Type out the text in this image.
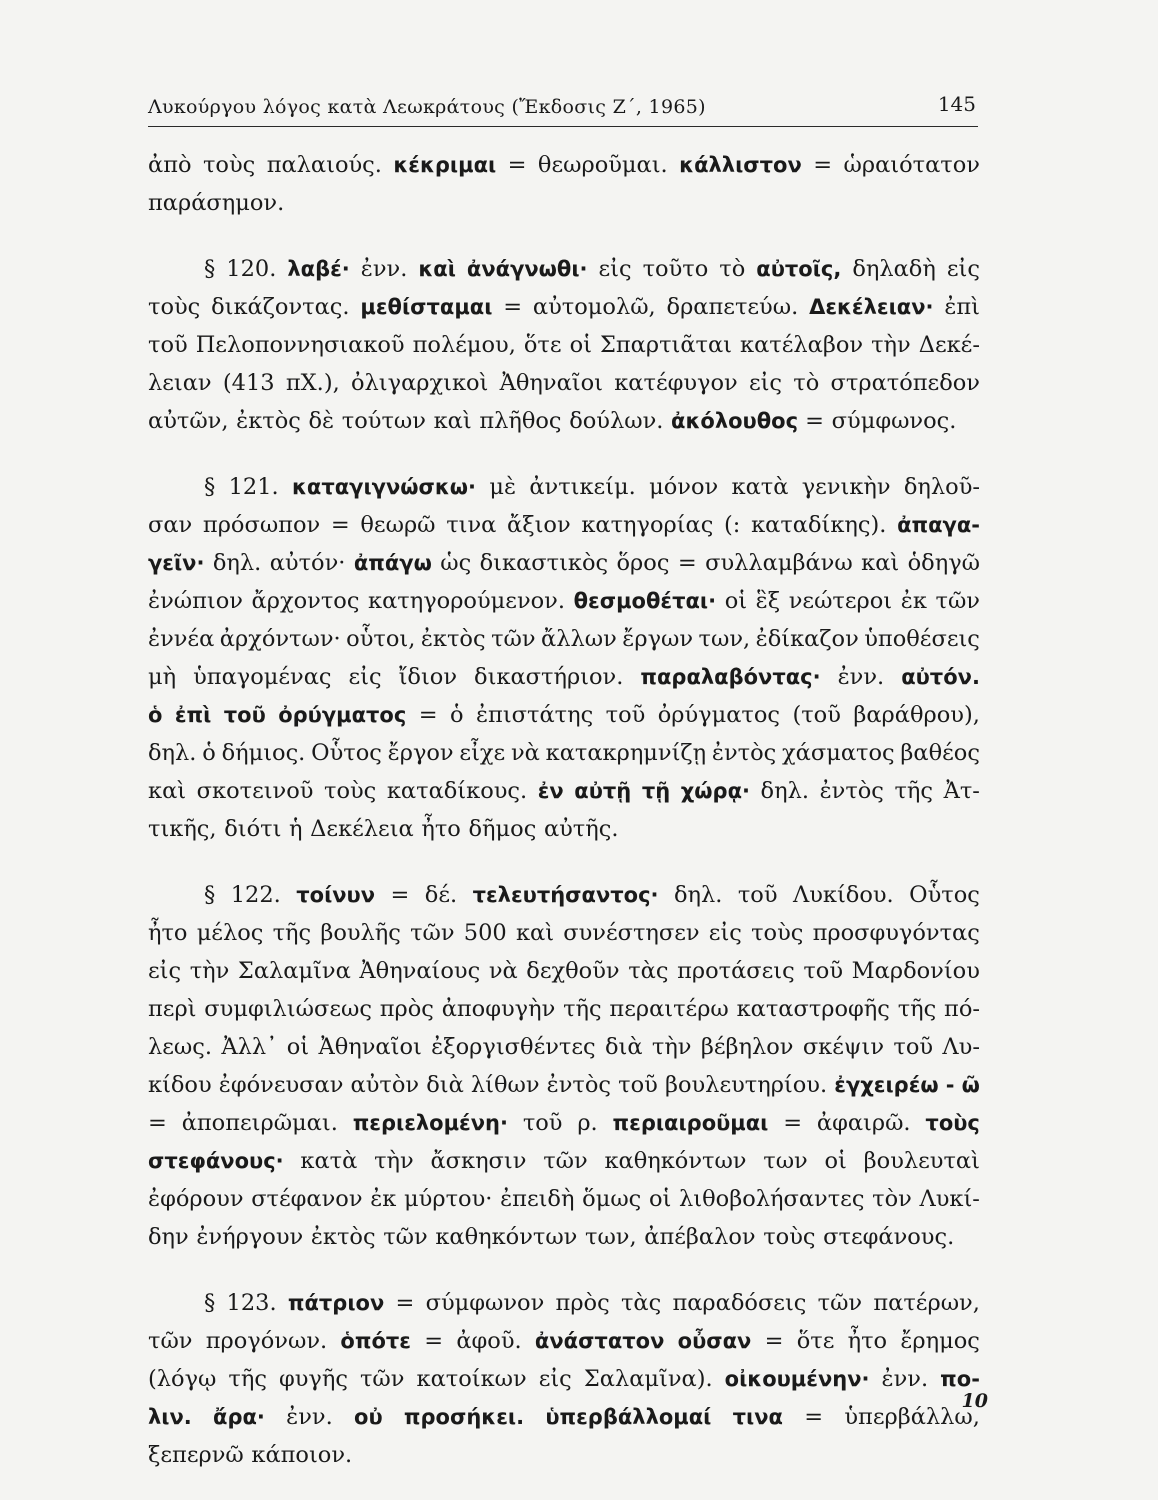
Λυκούργου λόγος κατὰ Λεωκράτους (Ἔκδοσις Ζ΄, 1965)	145
ἀπὸ τοὺς παλαιούς. κέκριμαι = θεωροῦμαι. κάλλιστον = ὡραιότατον
παράσημον.
§ 120. λαβέ· ἐνν. καὶ ἀνάγνωθι· εἰς τοῦτο τὸ αὐτοῖς, δηλαδὴ εἰς
τοὺς δικάζοντας. μεθίσταμαι = αὐτομολῶ, δραπετεύω. Δεκέλειαν· ἐπὶ
τοῦ Πελοποννησιακοῦ πολέμου, ὅτε οἱ Σπαρτιᾶται κατέλαβον τὴν Δεκέ-
λειαν (413 πΧ.), ὀλιγαρχικοὶ Ἀθηναῖοι κατέφυγον εἰς τὸ στρατόπεδον
αὐτῶν, ἐκτὸς δὲ τούτων καὶ πλῆθος δούλων. ἀκόλουθος = σύμφωνος.
§ 121. καταγιγνώσκω· μὲ ἀντικείμ. μόνον κατὰ γενικὴν δηλοῦ-
σαν πρόσωπον = θεωρῶ τινα ἄξιον κατηγορίας (: καταδίκης). ἀπαγα-
γεῖν· δηλ. αὐτόν· ἀπάγω ὡς δικαστικὸς ὅρος = συλλαμβάνω καὶ ὁδηγῶ
ἐνώπιον ἄρχοντος κατηγορούμενον. θεσμοθέται· οἱ ἓξ νεώτεροι ἐκ τῶν
ἐννέα ἀρχόντων· οὗτοι, ἐκτὸς τῶν ἄλλων ἔργων των, ἐδίκαζον ὑποθέσεις
μὴ ὑπαγομένας εἰς ἴδιον δικαστήριον. παραλαβόντας· ἐνν. αὐτόν.
ὁ ἐπὶ τοῦ ὀρύγματος = ὁ ἐπιστάτης τοῦ ὀρύγματος (τοῦ βαράθρου),
δηλ. ὁ δήμιος. Οὗτος ἔργον εἶχε νὰ κατακρημνίζῃ ἐντὸς χάσματος βαθέος
καὶ σκοτεινοῦ τοὺς καταδίκους. ἐν αὐτῇ τῇ χώρᾳ· δηλ. ἐντὸς τῆς Ἀτ-
τικῆς, διότι ἡ Δεκέλεια ἦτο δῆμος αὐτῆς.
§ 122. τοίνυν = δέ. τελευτήσαντος· δηλ. τοῦ Λυκίδου. Οὗτος
ἦτο μέλος τῆς βουλῆς τῶν 500 καὶ συνέστησεν εἰς τοὺς προσφυγόντας
εἰς τὴν Σαλαμῖνα Ἀθηναίους νὰ δεχθοῦν τὰς προτάσεις τοῦ Μαρδονίου
περὶ συμφιλιώσεως πρὸς ἀποφυγὴν τῆς περαιτέρω καταστροφῆς τῆς πό-
λεως. Ἀλλ᾽ οἱ Ἀθηναῖοι ἐξοργισθέντες διὰ τὴν βέβηλον σκέψιν τοῦ Λυ-
κίδου ἐφόνευσαν αὐτὸν διὰ λίθων ἐντὸς τοῦ βουλευτηρίου. ἐγχειρέω - ῶ
= ἀποπειρῶμαι. περιελομένη· τοῦ ρ. περιαιροῦμαι = ἀφαιρῶ. τοὺς
στεφάνους· κατὰ τὴν ἄσκησιν τῶν καθηκόντων των οἱ βουλευταὶ
ἐφόρουν στέφανον ἐκ μύρτου· ἐπειδὴ ὅμως οἱ λιθοβολήσαντες τὸν Λυκί-
δην ἐνήργουν ἐκτὸς τῶν καθηκόντων των, ἀπέβαλον τοὺς στεφάνους.
§ 123. πάτριον = σύμφωνον πρὸς τὰς παραδόσεις τῶν πατέρων,
τῶν προγόνων. ὁπότε = ἀφοῦ. ἀνάστατον οὖσαν = ὅτε ἦτο ἔρημος
(λόγῳ τῆς φυγῆς τῶν κατοίκων εἰς Σαλαμῖνα). οἰκουμένην· ἐνν. πο-
λιν. ἄρα· ἐνν. οὐ προσήκει. ὑπερβάλλομαί τινα = ὑπερβάλλω,
ξεπερνῶ κάποιον.
10
